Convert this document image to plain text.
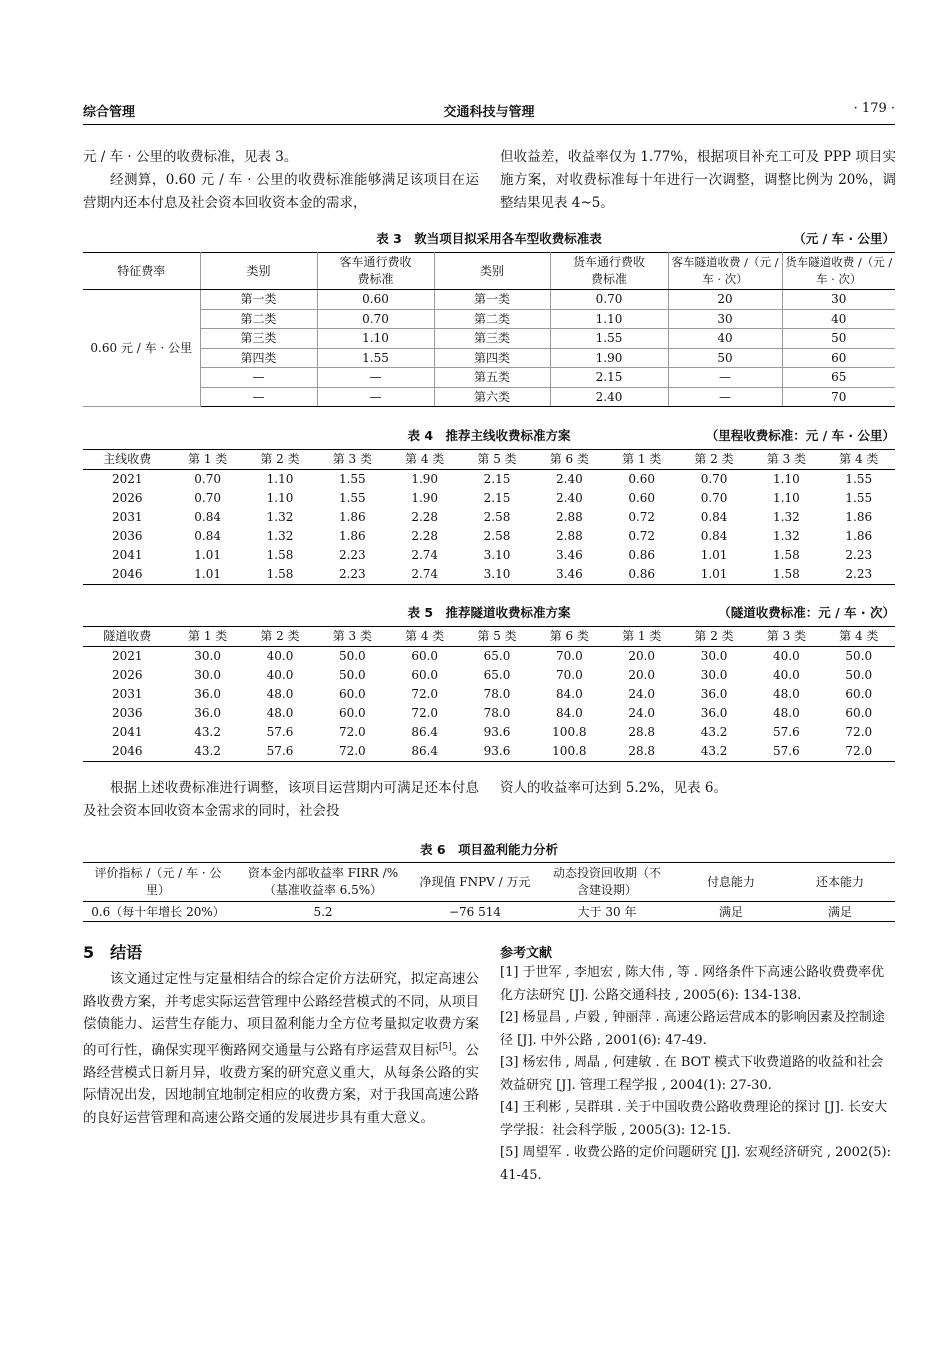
综合管理	交通科技与管理	· 179 ·

元 / 车 · 公里的收费标准，见表 3。

经测算，0.60 元 / 车 · 公里的收费标准能够满足该项目在运营期内还本付息及社会资本回收资本金的需求，

但收益差，收益率仅为 1.77%，根据项目补充工可及 PPP 项目实施方案，对收费标准每十年进行一次调整，调整比例为 20%，调整结果见表 4~5。

表 3　敦当项目拟采用各车型收费标准表	（元 / 车 · 公里）
特征费率	类别	客车通行费收费标准	类别	货车通行费收费标准	客车隧道收费 /（元 / 车 · 次）	货车隧道收费 /（元 / 车 · 次）
0.60 元 / 车 · 公里	第一类	0.60	第一类	0.70	20	30
	第二类	0.70	第二类	1.10	30	40
	第三类	1.10	第三类	1.55	40	50
	第四类	1.55	第四类	1.90	50	60
	—	—	第五类	2.15	—	65
	—	—	第六类	2.40	—	70
表 4　推荐主线收费标准方案	（里程收费标准：元 / 车 · 公里）
主线收费	第 1 类	第 2 类	第 3 类	第 4 类	第 5 类	第 6 类	第 1 类	第 2 类	第 3 类	第 4 类
2021	0.70	1.10	1.55	1.90	2.15	2.40	0.60	0.70	1.10	1.55
2026	0.70	1.10	1.55	1.90	2.15	2.40	0.60	0.70	1.10	1.55
2031	0.84	1.32	1.86	2.28	2.58	2.88	0.72	0.84	1.32	1.86
2036	0.84	1.32	1.86	2.28	2.58	2.88	0.72	0.84	1.32	1.86
2041	1.01	1.58	2.23	2.74	3.10	3.46	0.86	1.01	1.58	2.23
2046	1.01	1.58	2.23	2.74	3.10	3.46	0.86	1.01	1.58	2.23
表 5　推荐隧道收费标准方案	（隧道收费标准：元 / 车 · 次）
隧道收费	第 1 类	第 2 类	第 3 类	第 4 类	第 5 类	第 6 类	第 1 类	第 2 类	第 3 类	第 4 类
2021	30.0	40.0	50.0	60.0	65.0	70.0	20.0	30.0	40.0	50.0
2026	30.0	40.0	50.0	60.0	65.0	70.0	20.0	30.0	40.0	50.0
2031	36.0	48.0	60.0	72.0	78.0	84.0	24.0	36.0	48.0	60.0
2036	36.0	48.0	60.0	72.0	78.0	84.0	24.0	36.0	48.0	60.0
2041	43.2	57.6	72.0	86.4	93.6	100.8	28.8	43.2	57.6	72.0
2046	43.2	57.6	72.0	86.4	93.6	100.8	28.8	43.2	57.6	72.0

根据上述收费标准进行调整，该项目运营期内可满足还本付息及社会资本回收资本金需求的同时，社会投

资人的收益率可达到 5.2%，见表 6。

表 6　项目盈利能力分析
评价指标 /（元 / 车 · 公里）	资本金内部收益率 FIRR /%（基准收益率 6.5%）	净现值 FNPV / 万元	动态投资回收期（不含建设期）	付息能力	还本能力
0.6（每十年增长 20%）	5.2	−76 514	大于 30 年	满足	满足
5　结语

该文通过定性与定量相结合的综合定价方法研究，拟定高速公路收费方案，并考虑实际运营管理中公路经营模式的不同，从项目偿债能力、运营生存能力、项目盈利能力全方位考量拟定收费方案的可行性，确保实现平衡路网交通量与公路有序运营双目标[5]。公路经营模式日新月异，收费方案的研究意义重大，从每条公路的实际情况出发，因地制宜地制定相应的收费方案，对于我国高速公路的良好运营管理和高速公路交通的发展进步具有重大意义。

参考文献
[1] 于世军 , 李旭宏 , 陈大伟 , 等 . 网络条件下高速公路收费费率优化方法研究 [J]. 公路交通科技 , 2005(6): 134-138.
[2] 杨显昌 , 卢毅 , 钟丽萍 . 高速公路运营成本的影响因素及控制途径 [J]. 中外公路 , 2001(6): 47-49.
[3] 杨宏伟 , 周晶 , 何建敏 . 在 BOT 模式下收费道路的收益和社会效益研究 [J]. 管理工程学报 , 2004(1): 27-30.
[4] 王利彬 , 吴群琪 . 关于中国收费公路收费理论的探讨 [J]. 长安大学学报：社会科学版 , 2005(3): 12-15.
[5] 周望军 . 收费公路的定价问题研究 [J]. 宏观经济研究 , 2002(5): 41-45.
